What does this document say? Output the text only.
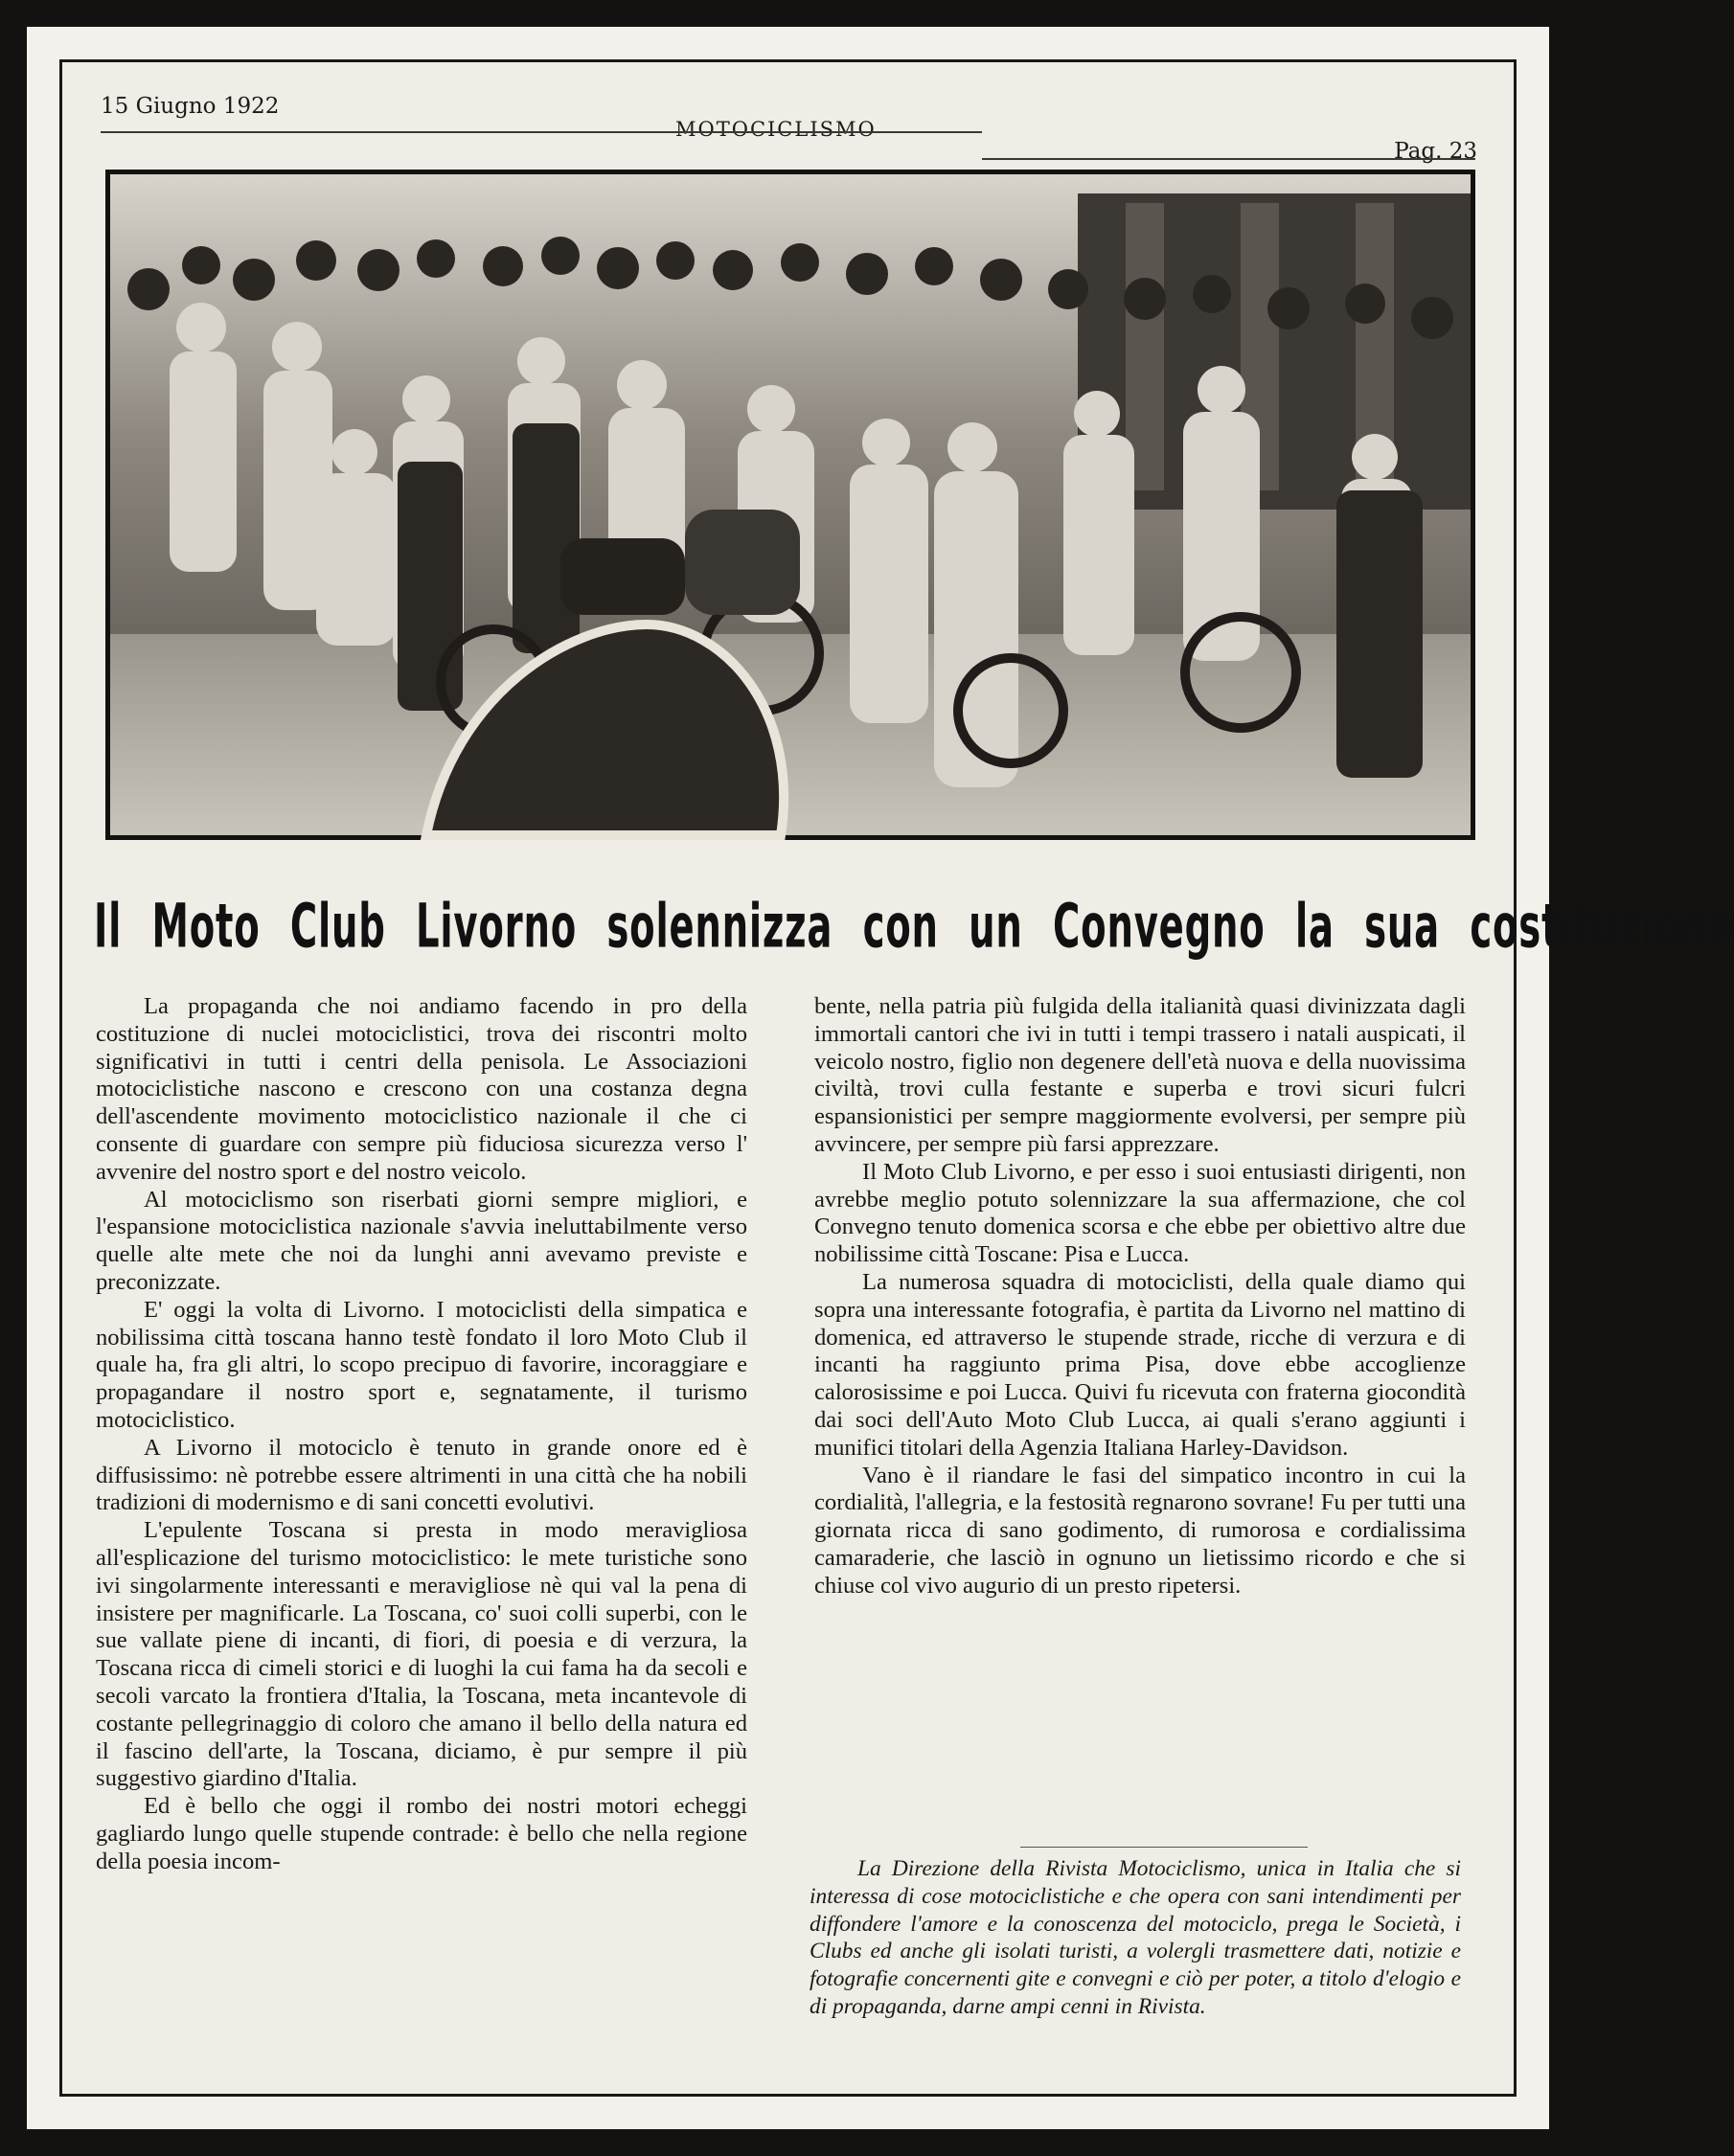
15 Giugno 1922
MOTOCICLISMO
Pag. 23
Il Moto Club Livorno solennizza con un Convegno la sua costituzione

La propaganda che noi andiamo facendo in pro della costituzione di nuclei motociclistici, trova dei riscontri molto significativi in tutti i centri della penisola. Le Associazioni motociclistiche nascono e crescono con una costanza degna dell'ascendente movimento motociclistico nazionale il che ci consente di guardare con sempre più fiduciosa sicurezza verso l' avvenire del nostro sport e del nostro veicolo.

Al motociclismo son riserbati giorni sempre migliori, e l'espansione motociclistica nazionale s'avvia ineluttabilmente verso quelle alte mete che noi da lunghi anni avevamo previste e preconizzate.

E' oggi la volta di Livorno. I motociclisti della simpatica e nobilissima città toscana hanno testè fondato il loro Moto Club il quale ha, fra gli altri, lo scopo precipuo di favorire, incoraggiare e propagandare il nostro sport e, segnatamente, il turismo motociclistico.

A Livorno il motociclo è tenuto in grande onore ed è diffusissimo: nè potrebbe essere altrimenti in una città che ha nobili tradizioni di modernismo e di sani concetti evolutivi.

L'epulente Toscana si presta in modo meravigliosa all'esplicazione del turismo motociclistico: le mete turistiche sono ivi singolarmente interessanti e meravigliose nè qui val la pena di insistere per magnificarle. La Toscana, co' suoi colli superbi, con le sue vallate piene di incanti, di fiori, di poesia e di verzura, la Toscana ricca di cimeli storici e di luoghi la cui fama ha da secoli e secoli varcato la frontiera d'Italia, la Toscana, meta incantevole di costante pellegrinaggio di coloro che amano il bello della natura ed il fascino dell'arte, la Toscana, diciamo, è pur sempre il più suggestivo giardino d'Italia.

Ed è bello che oggi il rombo dei nostri motori echeggi gagliardo lungo quelle stupende contrade: è bello che nella regione della poesia incom-

bente, nella patria più fulgida della italianità quasi divinizzata dagli immortali cantori che ivi in tutti i tempi trassero i natali auspicati, il veicolo nostro, figlio non degenere dell'età nuova e della nuovissima civiltà, trovi culla festante e superba e trovi sicuri fulcri espansionistici per sempre maggiormente evolversi, per sempre più avvincere, per sempre più farsi apprezzare.

Il Moto Club Livorno, e per esso i suoi entusiasti dirigenti, non avrebbe meglio potuto solennizzare la sua affermazione, che col Convegno tenuto domenica scorsa e che ebbe per obiettivo altre due nobilissime città Toscane: Pisa e Lucca.

La numerosa squadra di motociclisti, della quale diamo qui sopra una interessante fotografia, è partita da Livorno nel mattino di domenica, ed attraverso le stupende strade, ricche di verzura e di incanti ha raggiunto prima Pisa, dove ebbe accoglienze calorosissime e poi Lucca. Quivi fu ricevuta con fraterna giocondità dai soci dell'Auto Moto Club Lucca, ai quali s'erano aggiunti i munifici titolari della Agenzia Italiana Harley-Davidson.

Vano è il riandare le fasi del simpatico incontro in cui la cordialità, l'allegria, e la festosità regnarono sovrane! Fu per tutti una giornata ricca di sano godimento, di rumorosa e cordialissima camaraderie, che lasciò in ognuno un lietissimo ricordo e che si chiuse col vivo augurio di un presto ripetersi.

La Direzione della Rivista Motociclismo, unica in Italia che si interessa di cose motociclistiche e che opera con sani intendimenti per diffondere l'amore e la conoscenza del motociclo, prega le Società, i Clubs ed anche gli isolati turisti, a volergli trasmettere dati, notizie e fotografie concernenti gite e convegni e ciò per poter, a titolo d'elogio e di propaganda, darne ampi cenni in Rivista.
